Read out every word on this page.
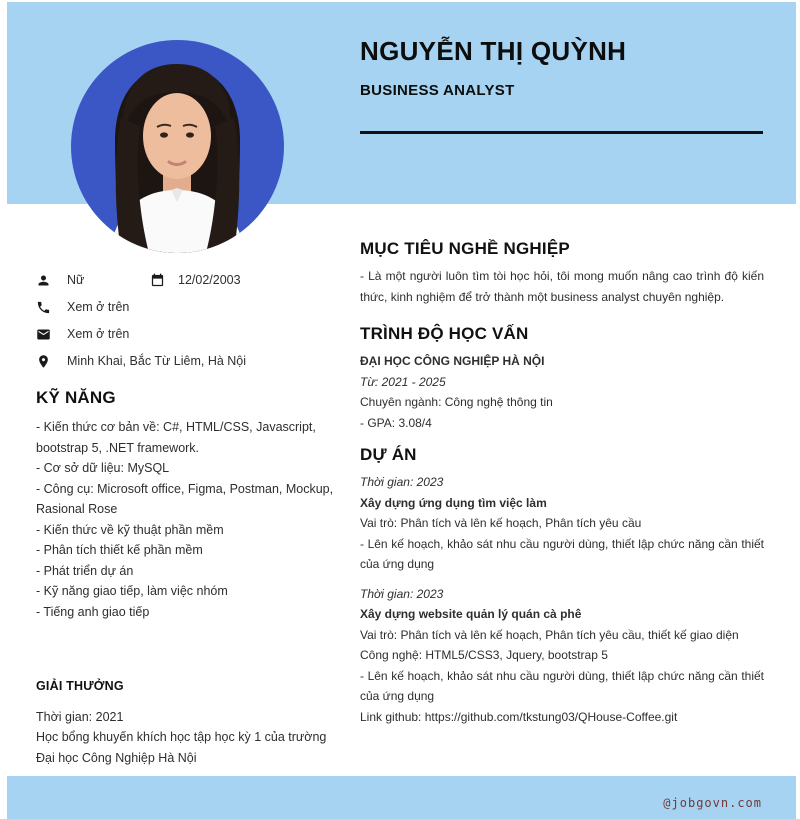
NGUYỄN THỊ QUỲNH
BUSINESS ANALYST
Nữ	12/02/2003
Xem ở trên
Xem ở trên
Minh Khai, Bắc Từ Liêm, Hà Nội
KỸ NĂNG
- Kiến thức cơ bản về: C#, HTML/CSS, Javascript, bootstrap 5, .NET framework.
- Cơ sở dữ liệu: MySQL
- Công cụ: Microsoft office, Figma, Postman, Mockup, Rasional Rose
- Kiến thức về kỹ thuật phần mềm
- Phân tích thiết kế phần mềm
- Phát triển dự án
- Kỹ năng giao tiếp, làm việc nhóm
- Tiếng anh giao tiếp
GIẢI THƯỞNG
Thời gian: 2021
Học bổng khuyến khích học tập học kỳ 1 của trường Đại học Công Nghiệp Hà Nội
MỤC TIÊU NGHỀ NGHIỆP
- Là một người luôn tìm tòi học hỏi, tôi mong muốn nâng cao trình độ kiến thức, kinh nghiệm để trở thành một business analyst chuyên nghiệp.
TRÌNH ĐỘ HỌC VẤN
ĐẠI HỌC CÔNG NGHIỆP HÀ NỘI
Từ: 2021 - 2025
Chuyên ngành: Công nghệ thông tin
- GPA: 3.08/4
DỰ ÁN
Thời gian: 2023
Xây dựng ứng dụng tìm việc làm
Vai trò: Phân tích và lên kế hoạch, Phân tích yêu cầu
- Lên kế hoạch, khảo sát nhu cầu người dùng, thiết lập chức năng cần thiết của ứng dụng
Thời gian: 2023
Xây dựng website quản lý quán cà phê
Vai trò: Phân tích và lên kế hoạch, Phân tích yêu cầu, thiết kế giao diện
Công nghệ: HTML5/CSS3, Jquery, bootstrap 5
- Lên kế hoạch, khảo sát nhu cầu người dùng, thiết lập chức năng cần thiết của ứng dụng
Link github: https://github.com/tkstung03/QHouse-Coffee.git
@jobgovn.com
